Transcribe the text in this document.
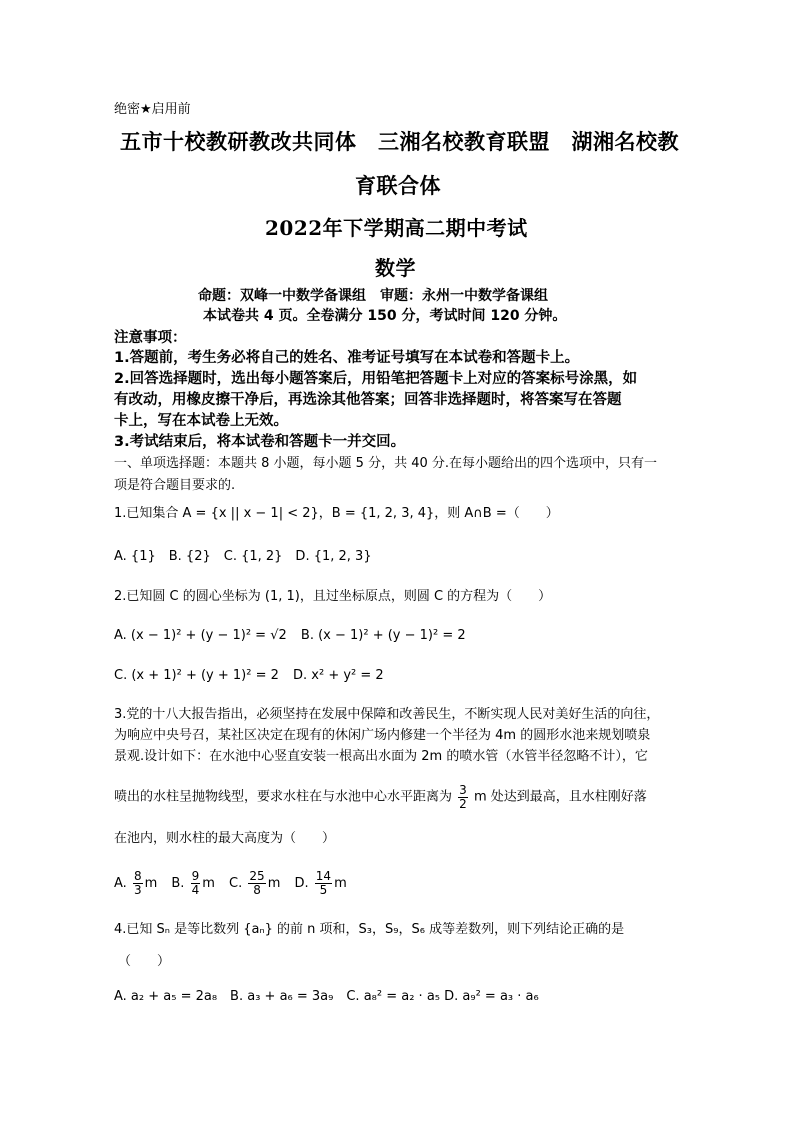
绝密★启用前
五市十校教研教改共同体　三湘名校教育联盟　湖湘名校教
育联合体
2022年下学期高二期中考试
数学
命题：双峰一中数学备课组　审题：永州一中数学备课组
本试卷共 4 页。全卷满分 150 分，考试时间 120 分钟。
注意事项：
1.答题前，考生务必将自己的姓名、准考证号填写在本试卷和答题卡上。
2.回答选择题时，选出每小题答案后，用铅笔把答题卡上对应的答案标号涂黑，如
有改动，用橡皮擦干净后，再选涂其他答案；回答非选择题时，将答案写在答题
卡上，写在本试卷上无效。
3.考试结束后，将本试卷和答题卡一并交回。
一、单项选择题：本题共 8 小题，每小题 5 分，共 40 分.在每小题给出的四个选项中，只有一
项是符合题目要求的.
1.已知集合 A = {x || x − 1| < 2}，B = {1, 2, 3, 4}，则 A∩B =（　　）
A. {1}　B. {2}　C. {1, 2}　D. {1, 2, 3}
2.已知圆 C 的圆心坐标为 (1, 1)，且过坐标原点，则圆 C 的方程为（　　）
A. (x − 1)² + (y − 1)² = √2 B. (x − 1)² + (y − 1)² = 2
C. (x + 1)² + (y + 1)² = 2 D. x² + y² = 2
3.党的十八大报告指出，必须坚持在发展中保障和改善民生，不断实现人民对美好生活的向往，
为响应中央号召，某社区决定在现有的休闲广场内修建一个半径为 4m 的圆形水池来规划喷泉
景观.设计如下：在水池中心竖直安装一根高出水面为 2m 的喷水管（水管半径忽略不计），它
喷出的水柱呈抛物线型，要求水柱在与水池中心水平距离为 $\frac{3}{2}$ m 处达到最高，且水柱刚好落
在池内，则水柱的最大高度为（　　）
A. $\frac{8}{3}$ m B. $\frac{9}{4}$ m C. $\frac{25}{8}$ m D. $\frac{14}{5}$ m
4.已知 Sₙ 是等比数列 {aₙ} 的前 n 项和，S₃，S₉，S₆ 成等差数列，则下列结论正确的是
（　　）
A. a₂ + a₅ = 2a₈　B. a₃ + a₆ = 3a₉　C. a₈² = a₂ · a₅ D. a₉² = a₃ · a₆
